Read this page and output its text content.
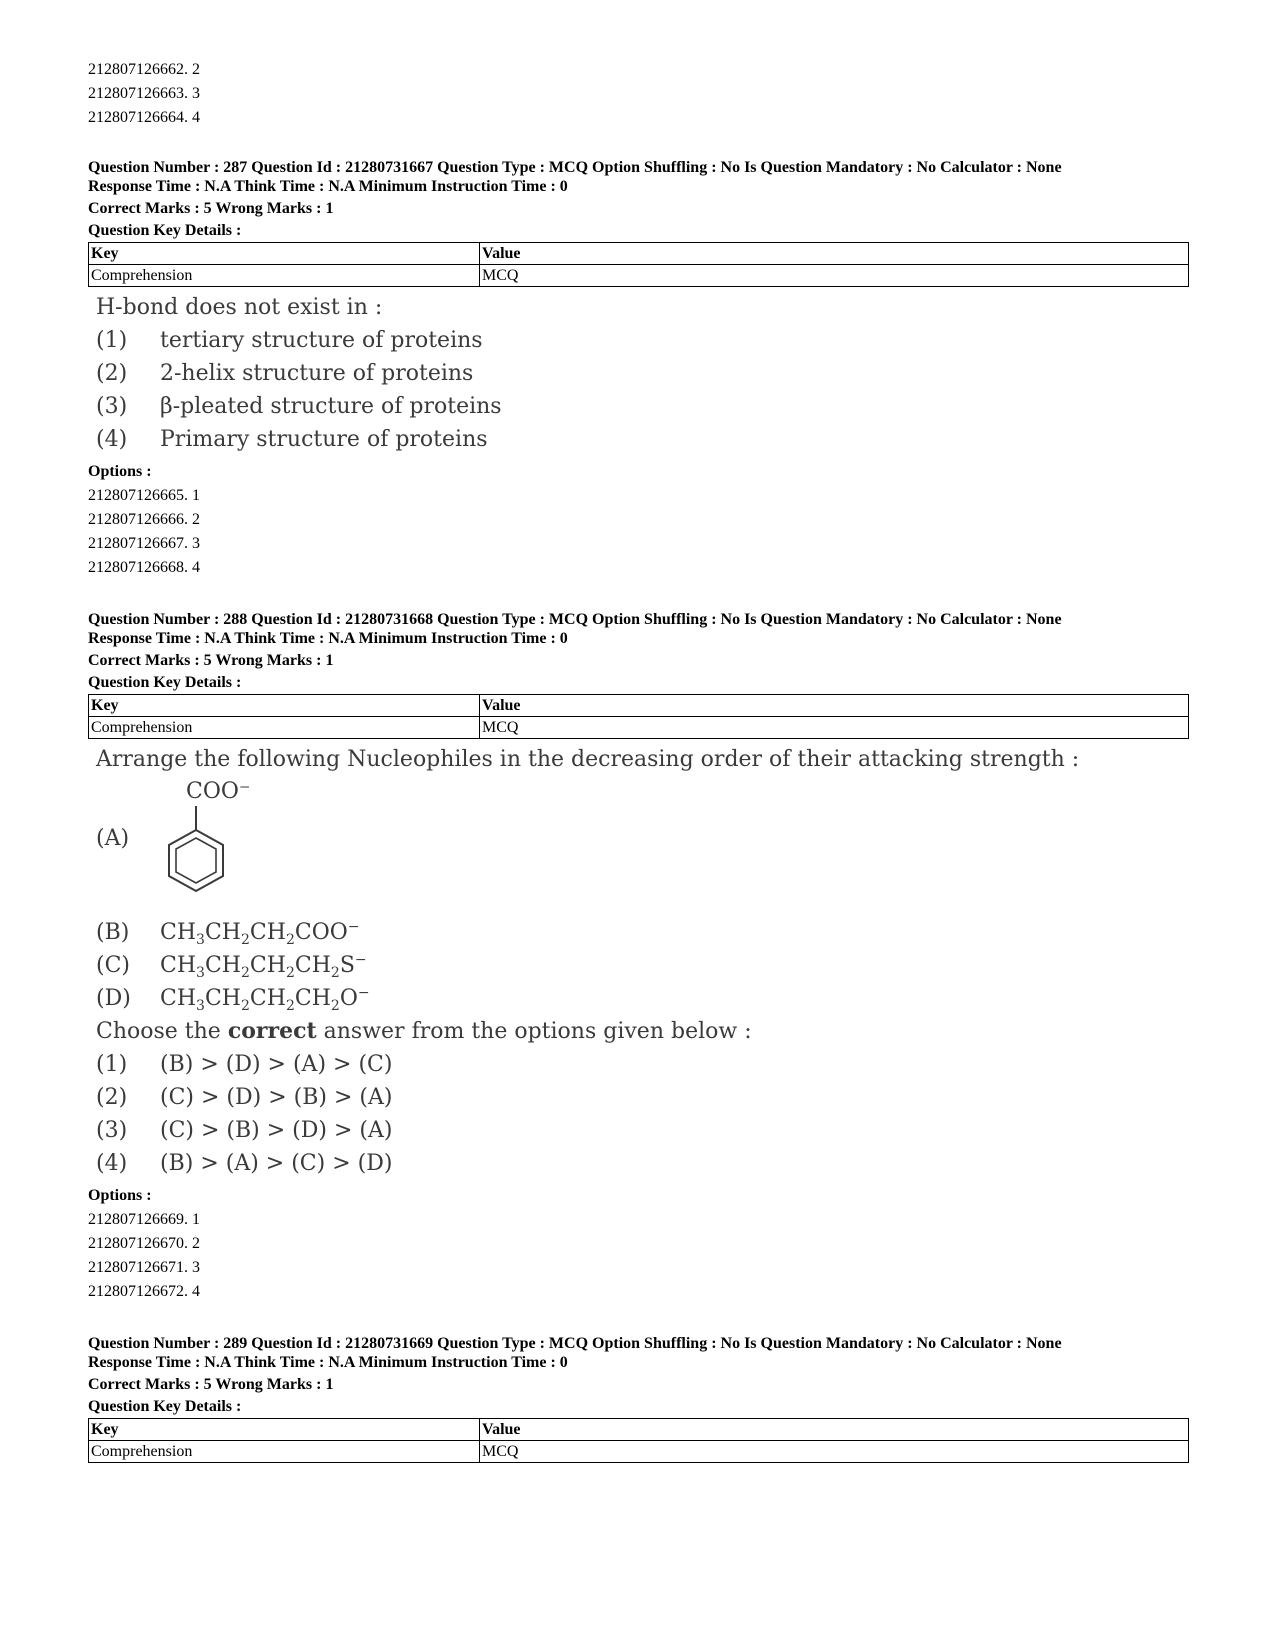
212807126662. 2
212807126663. 3
212807126664. 4
Question Number : 287 Question Id : 21280731667 Question Type : MCQ Option Shuffling : No Is Question Mandatory : No Calculator : None
Response Time : N.A Think Time : N.A Minimum Instruction Time : 0
Correct Marks : 5 Wrong Marks : 1
Question Key Details :
Key	Value
Comprehension	MCQ
H-bond does not exist in :
(1) tertiary structure of proteins
(2) 2-helix structure of proteins
(3) β-pleated structure of proteins
(4) Primary structure of proteins
Options :
212807126665. 1
212807126666. 2
212807126667. 3
212807126668. 4
Question Number : 288 Question Id : 21280731668 Question Type : MCQ Option Shuffling : No Is Question Mandatory : No Calculator : None
Response Time : N.A Think Time : N.A Minimum Instruction Time : 0
Correct Marks : 5 Wrong Marks : 1
Question Key Details :
Key	Value
Comprehension	MCQ
Arrange the following Nucleophiles in the decreasing order of their attacking strength :
(A)
COO⁻
(B) $CH_3CH_2CH_2COO^-$
(C) $CH_3CH_2CH_2CH_2S^-$
(D) $CH_3CH_2CH_2CH_2O^-$
Choose the correct answer from the options given below :
(1) (B) > (D) > (A) > (C)
(2) (C) > (D) > (B) > (A)
(3) (C) > (B) > (D) > (A)
(4) (B) > (A) > (C) > (D)
Options :
212807126669. 1
212807126670. 2
212807126671. 3
212807126672. 4
Question Number : 289 Question Id : 21280731669 Question Type : MCQ Option Shuffling : No Is Question Mandatory : No Calculator : None
Response Time : N.A Think Time : N.A Minimum Instruction Time : 0
Correct Marks : 5 Wrong Marks : 1
Question Key Details :
Key	Value
Comprehension	MCQ
